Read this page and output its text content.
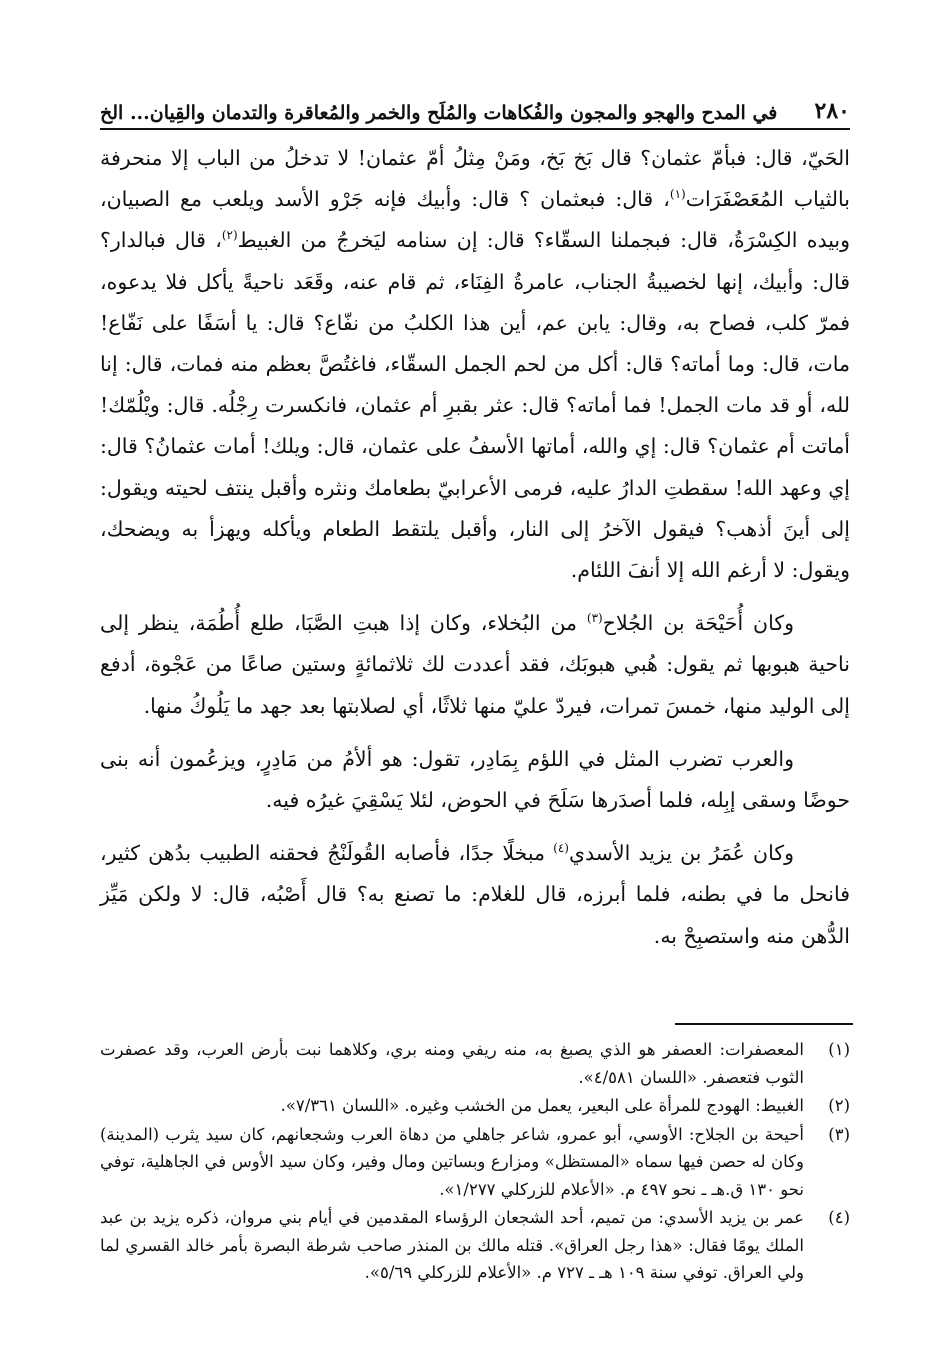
٢٨٠
في المدح والهجو والمجون والفُكاهات والمُلَح والخمر والمُعاقرة والتدمان والقِيان... الخ

الحَيّ، قال: فبأمّ عثمان؟ قال بَخ بَخ، ومَنْ مِثلُ أمّ عثمان! لا تدخلُ من الباب إلا منحرفة بالثياب المُعَصْفَرَات$^{(١)}$، قال: فبعثمان ؟ قال: وأبيك فإنه جَرْو الأسد ويلعب مع الصبيان، وبيده الكِسْرَةُ، قال: فبجملنا السقّاء؟ قال: إن سنامه ليَخرجُ من الغبيط$^{(٢)}$، قال فبالدار؟ قال: وأبيك، إنها لخصيبةُ الجناب، عامرةُ الفِنَاء، ثم قام عنه، وقَعَد ناحيةً يأكل فلا يدعوه، فمرّ كلب، فصاح به، وقال: يابن عم، أين هذا الكلبُ من نفّاع؟ قال: يا أسَفًا على نَفّاع! مات، قال: وما أماته؟ قال: أكل من لحم الجمل السقّاء، فاغتُصَّ بعظم منه فمات، قال: إنا لله، أو قد مات الجمل! فما أماته؟ قال: عثر بقبرِ أم عثمان، فانكسرت رِجْلُه. قال: ويْلُمّك! أماتت أم عثمان؟ قال: إي والله، أماتها الأسفُ على عثمان، قال: ويلك! أمات عثمانُ؟ قال: إي وعهد الله! سقطتِ الدارُ عليه، فرمى الأعرابيّ بطعامك ونثره وأقبل ينتف لحيته ويقول: إلى أينَ أذهب؟ فيقول الآخرُ إلى النار، وأقبل يلتقط الطعام ويأكله ويهزأ به ويضحك، ويقول: لا أرغم الله إلا أنفَ اللئام.

وكان أُحَيْحَة بن الجُلاح$^{(٣)}$ من البُخلاء، وكان إذا هبتِ الصَّبَا، طلع أُطُمَة، ينظر إلى ناحية هبوبها ثم يقول: هُبي هبوبَك، فقد أعددت لك ثلاثمائةٍ وستين صاعًا من عَجْوة، أدفع إلى الوليد منها، خمسَ تمرات، فيردّ عليّ منها ثلاثًا، أي لصلابتها بعد جهد ما يَلُوكُ منها.

والعرب تضرب المثل في اللؤم بِمَادِر، تقول: هو ألأمُ من مَادِرٍ، ويزعُمون أنه بنى حوضًا وسقى إبِله، فلما أصدَرها سَلَحَ في الحوض، لئلا يَسْقِيَ غيرُه فيه.

وكان عُمَرُ بن يزيد الأسدي$^{(٤)}$ مبخلًا جدًا، فأصابه القُولَنْجُ فحقنه الطبيب بدُهن كثير، فانحل ما في بطنه، فلما أبرزه، قال للغلام: ما تصنع به؟ قال أَصْبُه، قال: لا ولكن مَيِّز الدُّهن منه واستصبِحْ به.

(١)
المعصفرات: العصفر هو الذي يصبغ به، منه ريفي ومنه بري، وكلاهما نبت بأرض العرب، وقد عصفرت الثوب فتعصفر. «اللسان ٤/٥٨١».
(٢)
الغبيط: الهودج للمرأة على البعير، يعمل من الخشب وغيره. «اللسان ٧/٣٦١».
(٣)
أحيحة بن الجلاح: الأوسي، أبو عمرو، شاعر جاهلي من دهاة العرب وشجعانهم، كان سيد يثرب (المدينة) وكان له حصن فيها سماه «المستظل» ومزارع وبساتين ومال وفير، وكان سيد الأوس في الجاهلية، توفي نحو ١٣٠ ق.هـ ـ نحو ٤٩٧ م. «الأعلام للزركلي ١/٢٧٧».
(٤)
عمر بن يزيد الأسدي: من تميم، أحد الشجعان الرؤساء المقدمين في أيام بني مروان، ذكره يزيد بن عبد الملك يومًا فقال: «هذا رجل العراق». قتله مالك بن المنذر صاحب شرطة البصرة بأمر خالد القسري لما ولي العراق. توفي سنة ١٠٩ هـ ـ ٧٢٧ م. «الأعلام للزركلي ٥/٦٩».
